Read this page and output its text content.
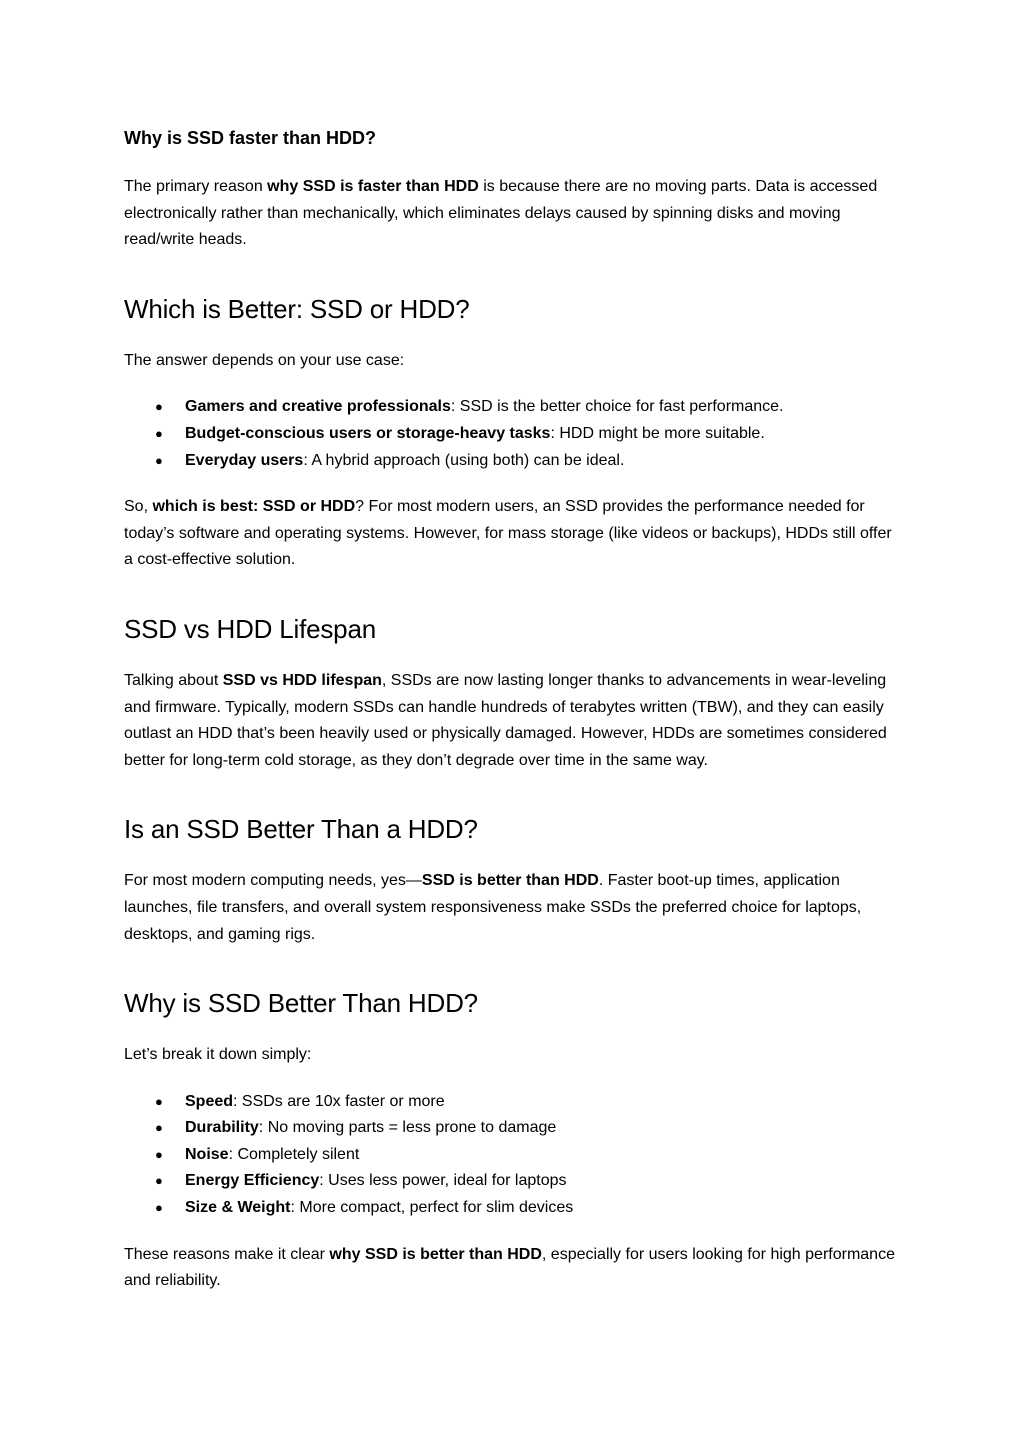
Why is SSD faster than HDD?

The primary reason why SSD is faster than HDD is because there are no moving parts. Data is accessed electronically rather than mechanically, which eliminates delays caused by spinning disks and moving read/write heads.

Which is Better: SSD or HDD?

The answer depends on your use case:

● Gamers and creative professionals: SSD is the better choice for fast performance.
● Budget-conscious users or storage-heavy tasks: HDD might be more suitable.
● Everyday users: A hybrid approach (using both) can be ideal.

So, which is best: SSD or HDD? For most modern users, an SSD provides the performance needed for today’s software and operating systems. However, for mass storage (like videos or backups), HDDs still offer a cost-effective solution.

SSD vs HDD Lifespan

Talking about SSD vs HDD lifespan, SSDs are now lasting longer thanks to advancements in wear-leveling and firmware. Typically, modern SSDs can handle hundreds of terabytes written (TBW), and they can easily outlast an HDD that’s been heavily used or physically damaged. However, HDDs are sometimes considered better for long-term cold storage, as they don’t degrade over time in the same way.

Is an SSD Better Than a HDD?

For most modern computing needs, yes—SSD is better than HDD. Faster boot-up times, application launches, file transfers, and overall system responsiveness make SSDs the preferred choice for laptops, desktops, and gaming rigs.

Why is SSD Better Than HDD?

Let’s break it down simply:

● Speed: SSDs are 10x faster or more
● Durability: No moving parts = less prone to damage
● Noise: Completely silent
● Energy Efficiency: Uses less power, ideal for laptops
● Size & Weight: More compact, perfect for slim devices

These reasons make it clear why SSD is better than HDD, especially for users looking for high performance and reliability.
